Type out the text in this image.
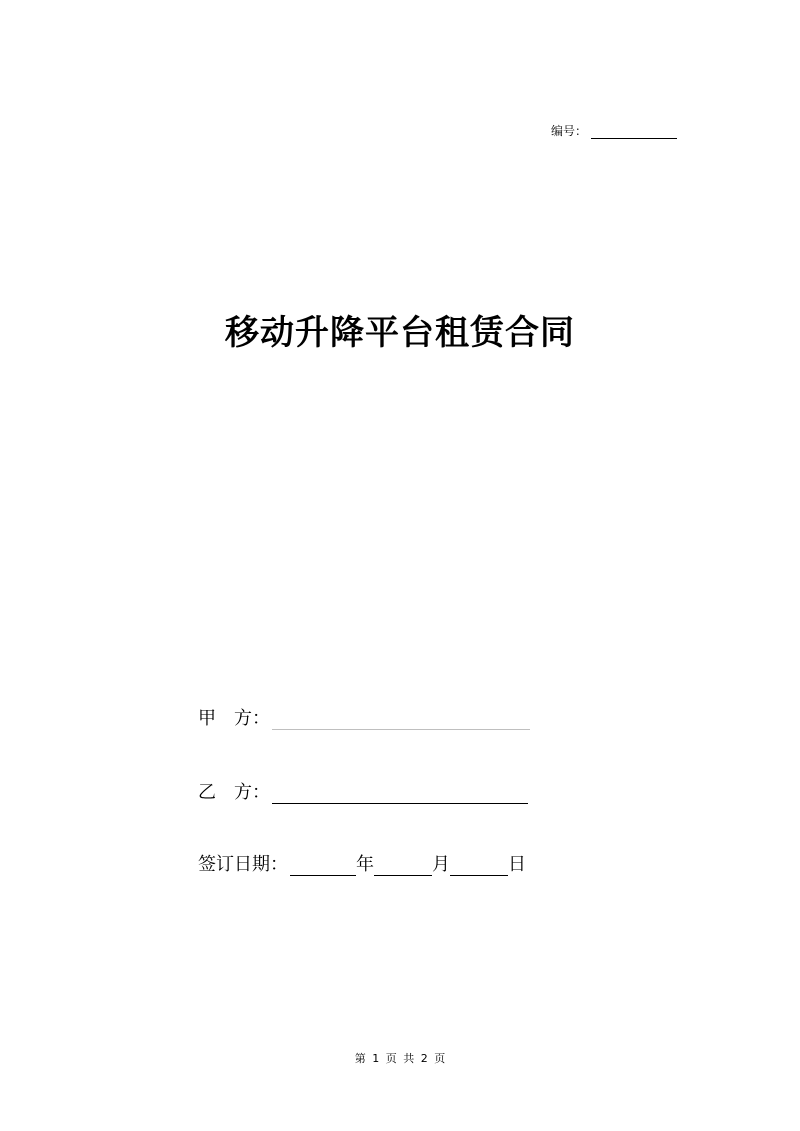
编号：
移动升降平台租赁合同
甲　方：
乙　方：
签订日期：	年	月	日
第 1 页 共 2 页
